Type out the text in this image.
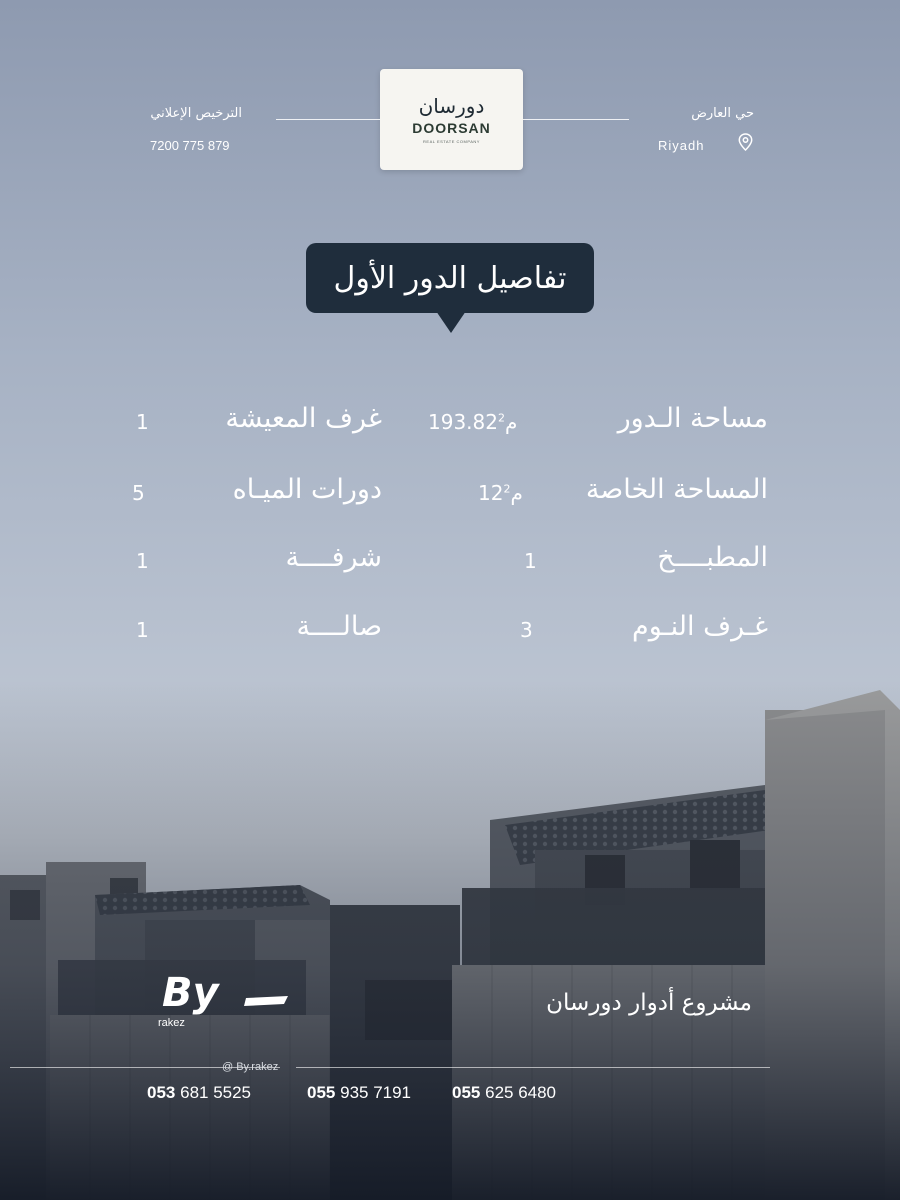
دورسان
DOORSAN
REAL ESTATE COMPANY
الترخيص الإعلاني
7200 775 879
حي العارض
Riyadh
تفاصيل الدور الأول
مساحة الـدور
193.82 م$^2$
المساحة الخاصة
12 م$^2$
المطبــــخ
1
غـرف النـوم
3
غرف المعيشة
1
دورات الميـاه
5
شرفــــة
1
صالــــة
1
مشروع أدوار دورسان
By
rakez
@ By.rakez
053 681 5525	055 935 7191 055 625 6480
